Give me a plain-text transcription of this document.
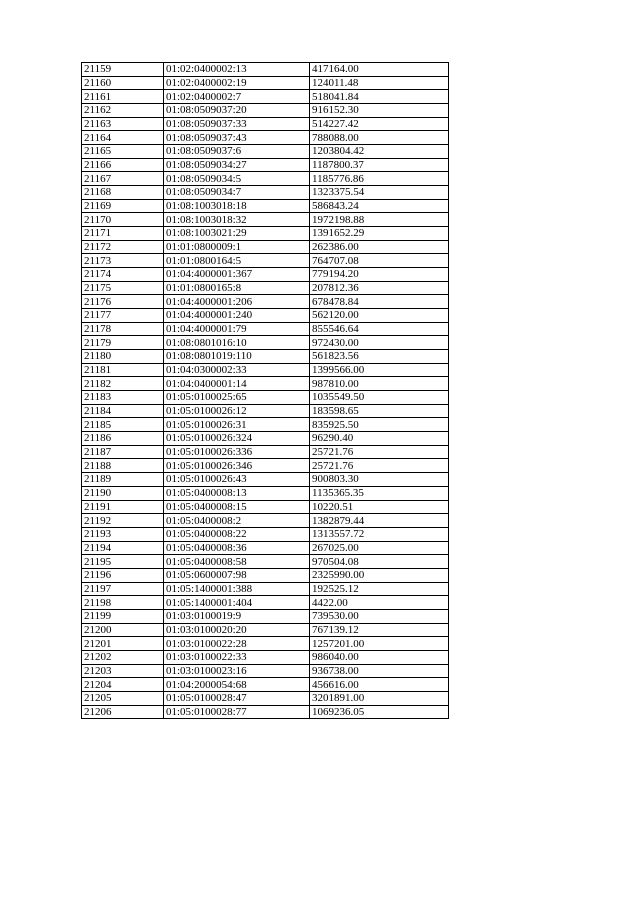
21159	01:02:0400002:13	417164.00
21160	01:02:0400002:19	124011.48
21161	01:02:0400002:7	518041.84
21162	01:08:0509037:20	916152.30
21163	01:08:0509037:33	514227.42
21164	01:08:0509037:43	788088.00
21165	01:08:0509037:6	1203804.42
21166	01:08:0509034:27	1187800.37
21167	01:08:0509034:5	1185776.86
21168	01:08:0509034:7	1323375.54
21169	01:08:1003018:18	586843.24
21170	01:08:1003018:32	1972198.88
21171	01:08:1003021:29	1391652.29
21172	01:01:0800009:1	262386.00
21173	01:01:0800164:5	764707.08
21174	01:04:4000001:367	779194.20
21175	01:01:0800165:8	207812.36
21176	01:04:4000001:206	678478.84
21177	01:04:4000001:240	562120.00
21178	01:04:4000001:79	855546.64
21179	01:08:0801016:10	972430.00
21180	01:08:0801019:110	561823.56
21181	01:04:0300002:33	1399566.00
21182	01:04:0400001:14	987810.00
21183	01:05:0100025:65	1035549.50
21184	01:05:0100026:12	183598.65
21185	01:05:0100026:31	835925.50
21186	01:05:0100026:324	96290.40
21187	01:05:0100026:336	25721.76
21188	01:05:0100026:346	25721.76
21189	01:05:0100026:43	900803.30
21190	01:05:0400008:13	1135365.35
21191	01:05:0400008:15	10220.51
21192	01:05:0400008:2	1382879.44
21193	01:05:0400008:22	1313557.72
21194	01:05:0400008:36	267025.00
21195	01:05:0400008:58	970504.08
21196	01:05:0600007:98	2325990.00
21197	01:05:1400001:388	192525.12
21198	01:05:1400001:404	4422.00
21199	01:03:0100019:9	739530.00
21200	01:03:0100020:20	767139.12
21201	01:03:0100022:28	1257201.00
21202	01:03:0100022:33	986040.00
21203	01:03:0100023:16	936738.00
21204	01:04:2000054:68	456616.00
21205	01:05:0100028:47	3201891.00
21206	01:05:0100028:77	1069236.05
